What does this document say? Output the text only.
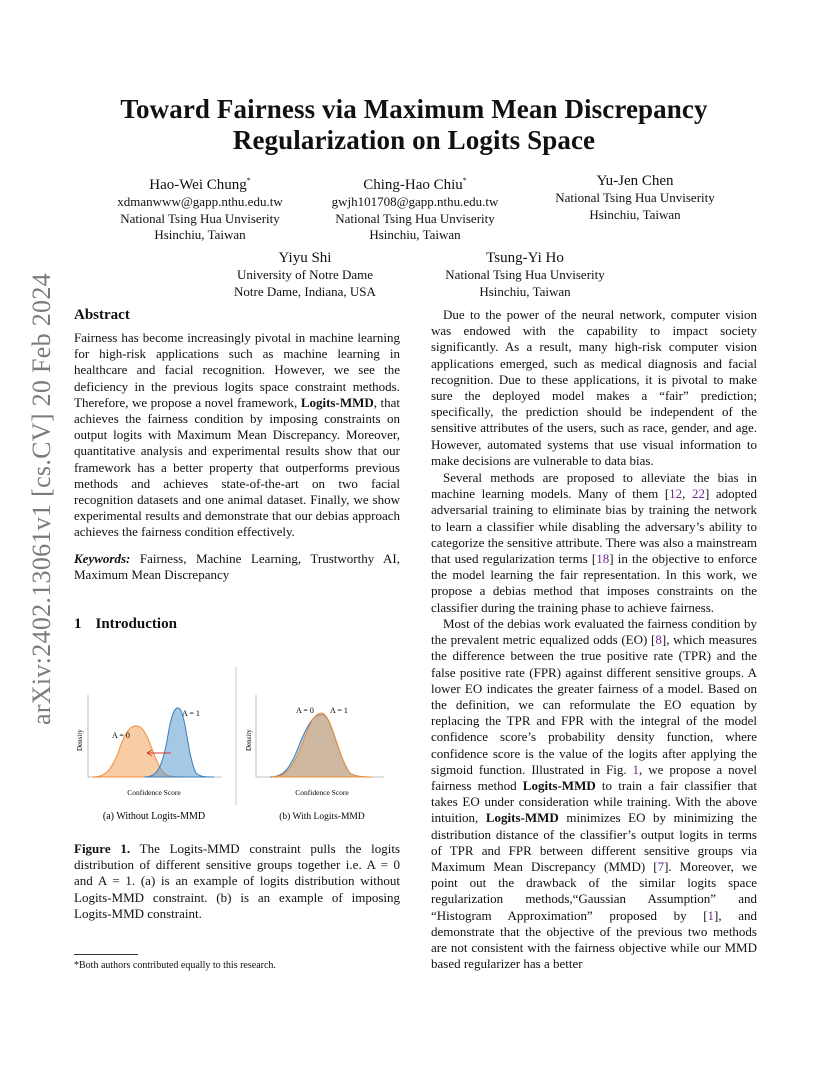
arXiv:2402.13061v1 [cs.CV] 20 Feb 2024
Toward Fairness via Maximum Mean Discrepancy
Regularization on Logits Space
Hao-Wei Chung*
xdmanwww@gapp.nthu.edu.tw
National Tsing Hua Unviserity
Hsinchiu, Taiwan
Ching-Hao Chiu*
gwjh101708@gapp.nthu.edu.tw
National Tsing Hua Unviserity
Hsinchiu, Taiwan
Yu-Jen Chen
National Tsing Hua Unviserity
Hsinchiu, Taiwan
Yiyu Shi
University of Notre Dame
Notre Dame, Indiana, USA
Tsung-Yi Ho
National Tsing Hua Unviserity
Hsinchiu, Taiwan
Abstract
Fairness has become increasingly pivotal in machine learning for high-risk applications such as machine learning in healthcare and facial recognition. However, we see the deficiency in the previous logits space constraint methods. Therefore, we propose a novel framework, Logits-MMD, that achieves the fairness condition by imposing constraints on output logits with Maximum Mean Discrepancy. Moreover, quantitative analysis and experimental results show that our framework has a better property that outperforms previous methods and achieves state-of-the-art on two facial recognition datasets and one animal dataset. Finally, we show experimental results and demonstrate that our debias approach achieves the fairness condition effectively.
Keywords: Fairness, Machine Learning, Trustworthy AI, Maximum Mean Discrepancy
1 Introduction
A = 0
A = 1
Density
Confidence Score
(a) Without Logits-MMD
A = 0 A = 1
Density
Confidence Score
(b) With Logits-MMD
Figure 1. The Logits-MMD constraint pulls the logits distribution of different sensitive groups together i.e. A = 0 and A = 1. (a) is an example of logits distribution without Logits-MMD constraint. (b) is an example of imposing Logits-MMD constraint.
*Both authors contributed equally to this research.
Due to the power of the neural network, computer vision was endowed with the capability to impact society significantly. As a result, many high-risk computer vision applications emerged, such as medical diagnosis and facial recognition. Due to these applications, it is pivotal to make sure the deployed model makes a “fair” prediction; specifically, the prediction should be independent of the sensitive attributes of the users, such as race, gender, and age. However, automated systems that use visual information to make decisions are vulnerable to data bias.
Several methods are proposed to alleviate the bias in machine learning models. Many of them [12, 22] adopted adversarial training to eliminate bias by training the network to learn a classifier while disabling the adversary’s ability to categorize the sensitive attribute. There was also a mainstream that used regularization terms [18] in the objective to enforce the model learning the fair representation. In this work, we propose a debias method that imposes constraints on the classifier during the training phase to achieve fairness.
Most of the debias work evaluated the fairness condition by the prevalent metric equalized odds (EO) [8], which measures the difference between the true positive rate (TPR) and the false positive rate (FPR) against different sensitive groups. A lower EO indicates the greater fairness of a model. Based on the definition, we can reformulate the EO equation by replacing the TPR and FPR with the integral of the model confidence score’s probability density function, where confidence score is the value of the logits after applying the sigmoid function. Illustrated in Fig. 1, we propose a novel fairness method Logits-MMD to train a fair classifier that takes EO under consideration while training. With the above intuition, Logits-MMD minimizes EO by minimizing the distribution distance of the classifier’s output logits in terms of TPR and FPR between different sensitive groups via Maximum Mean Discrepancy (MMD) [7]. Moreover, we point out the drawback of the similar logits space regularization methods,“Gaussian Assumption” and “Histogram Approximation” proposed by [1], and demonstrate that the objective of the previous two methods are not consistent with the fairness objective while our MMD based regularizer has a better
